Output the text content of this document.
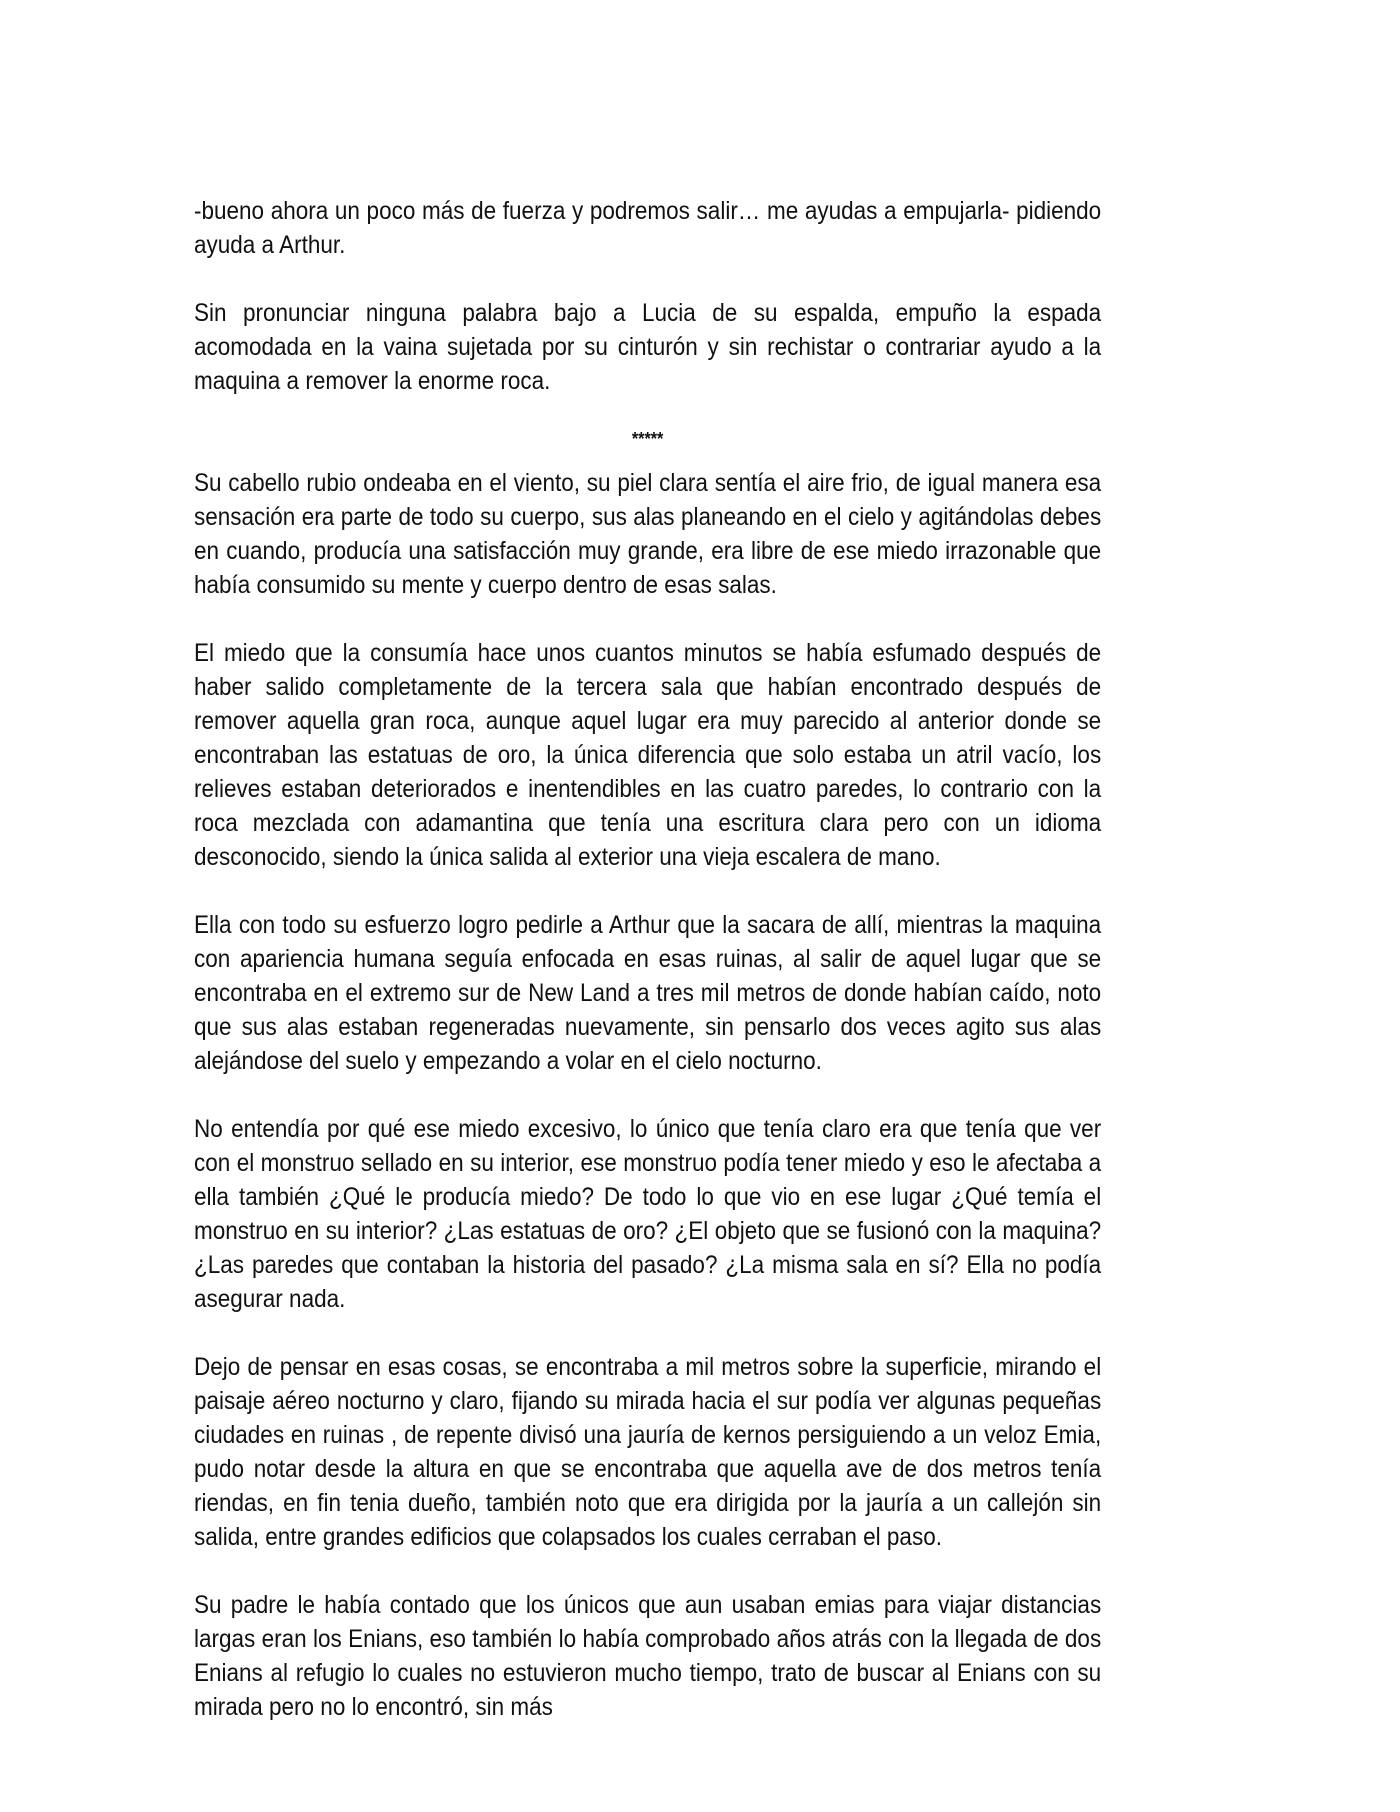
-bueno ahora un poco más de fuerza y podremos salir… me ayudas a empujarla- pidiendo ayuda a Arthur.

Sin pronunciar ninguna palabra bajo a Lucia de su espalda, empuño la espada acomodada en la vaina sujetada por su cinturón y sin rechistar o contrariar ayudo a la maquina a remover la enorme roca.

*****

Su cabello rubio ondeaba en el viento, su piel clara sentía el aire frio, de igual manera esa sensación era parte de todo su cuerpo, sus alas planeando en el cielo y agitándolas debes en cuando, producía una satisfacción muy grande, era libre de ese miedo irrazonable que había consumido su mente y cuerpo dentro de esas salas.

El miedo que la consumía hace unos cuantos minutos se había esfumado después de haber salido completamente de la tercera sala que habían encontrado después de remover aquella gran roca, aunque aquel lugar era muy parecido al anterior donde se encontraban las estatuas de oro, la única diferencia que solo estaba un atril vacío, los relieves estaban deteriorados e inentendibles en las cuatro paredes, lo contrario con la roca mezclada con adamantina que tenía una escritura clara pero con un idioma desconocido, siendo la única salida al exterior una vieja escalera de mano.

Ella con todo su esfuerzo logro pedirle a Arthur que la sacara de allí, mientras la maquina con apariencia humana seguía enfocada en esas ruinas, al salir de aquel lugar que se encontraba en el extremo sur de New Land a tres mil metros de donde habían caído, noto que sus alas estaban regeneradas nuevamente, sin pensarlo dos veces agito sus alas alejándose del suelo y empezando a volar en el cielo nocturno.

No entendía por qué ese miedo excesivo, lo único que tenía claro era que tenía que ver con el monstruo sellado en su interior, ese monstruo podía tener miedo y eso le afectaba a ella también ¿Qué le producía miedo? De todo lo que vio en ese lugar ¿Qué temía el monstruo en su interior? ¿Las estatuas de oro? ¿El objeto que se fusionó con la maquina? ¿Las paredes que contaban la historia del pasado? ¿La misma sala en sí? Ella no podía asegurar nada.

Dejo de pensar en esas cosas, se encontraba a mil metros sobre la superficie, mirando el paisaje aéreo nocturno y claro, fijando su mirada hacia el sur podía ver algunas pequeñas ciudades en ruinas , de repente divisó una jauría de kernos persiguiendo a un veloz Emia, pudo notar desde la altura en que se encontraba que aquella ave de dos metros tenía riendas, en fin tenia dueño, también noto que era dirigida por la jauría a un callejón sin salida, entre grandes edificios que colapsados los cuales cerraban el paso.

Su padre le había contado que los únicos que aun usaban emias para viajar distancias largas eran los Enians, eso también lo había comprobado años atrás con la llegada de dos Enians al refugio lo cuales no estuvieron mucho tiempo, trato de buscar al Enians con su mirada pero no lo encontró, sin más
